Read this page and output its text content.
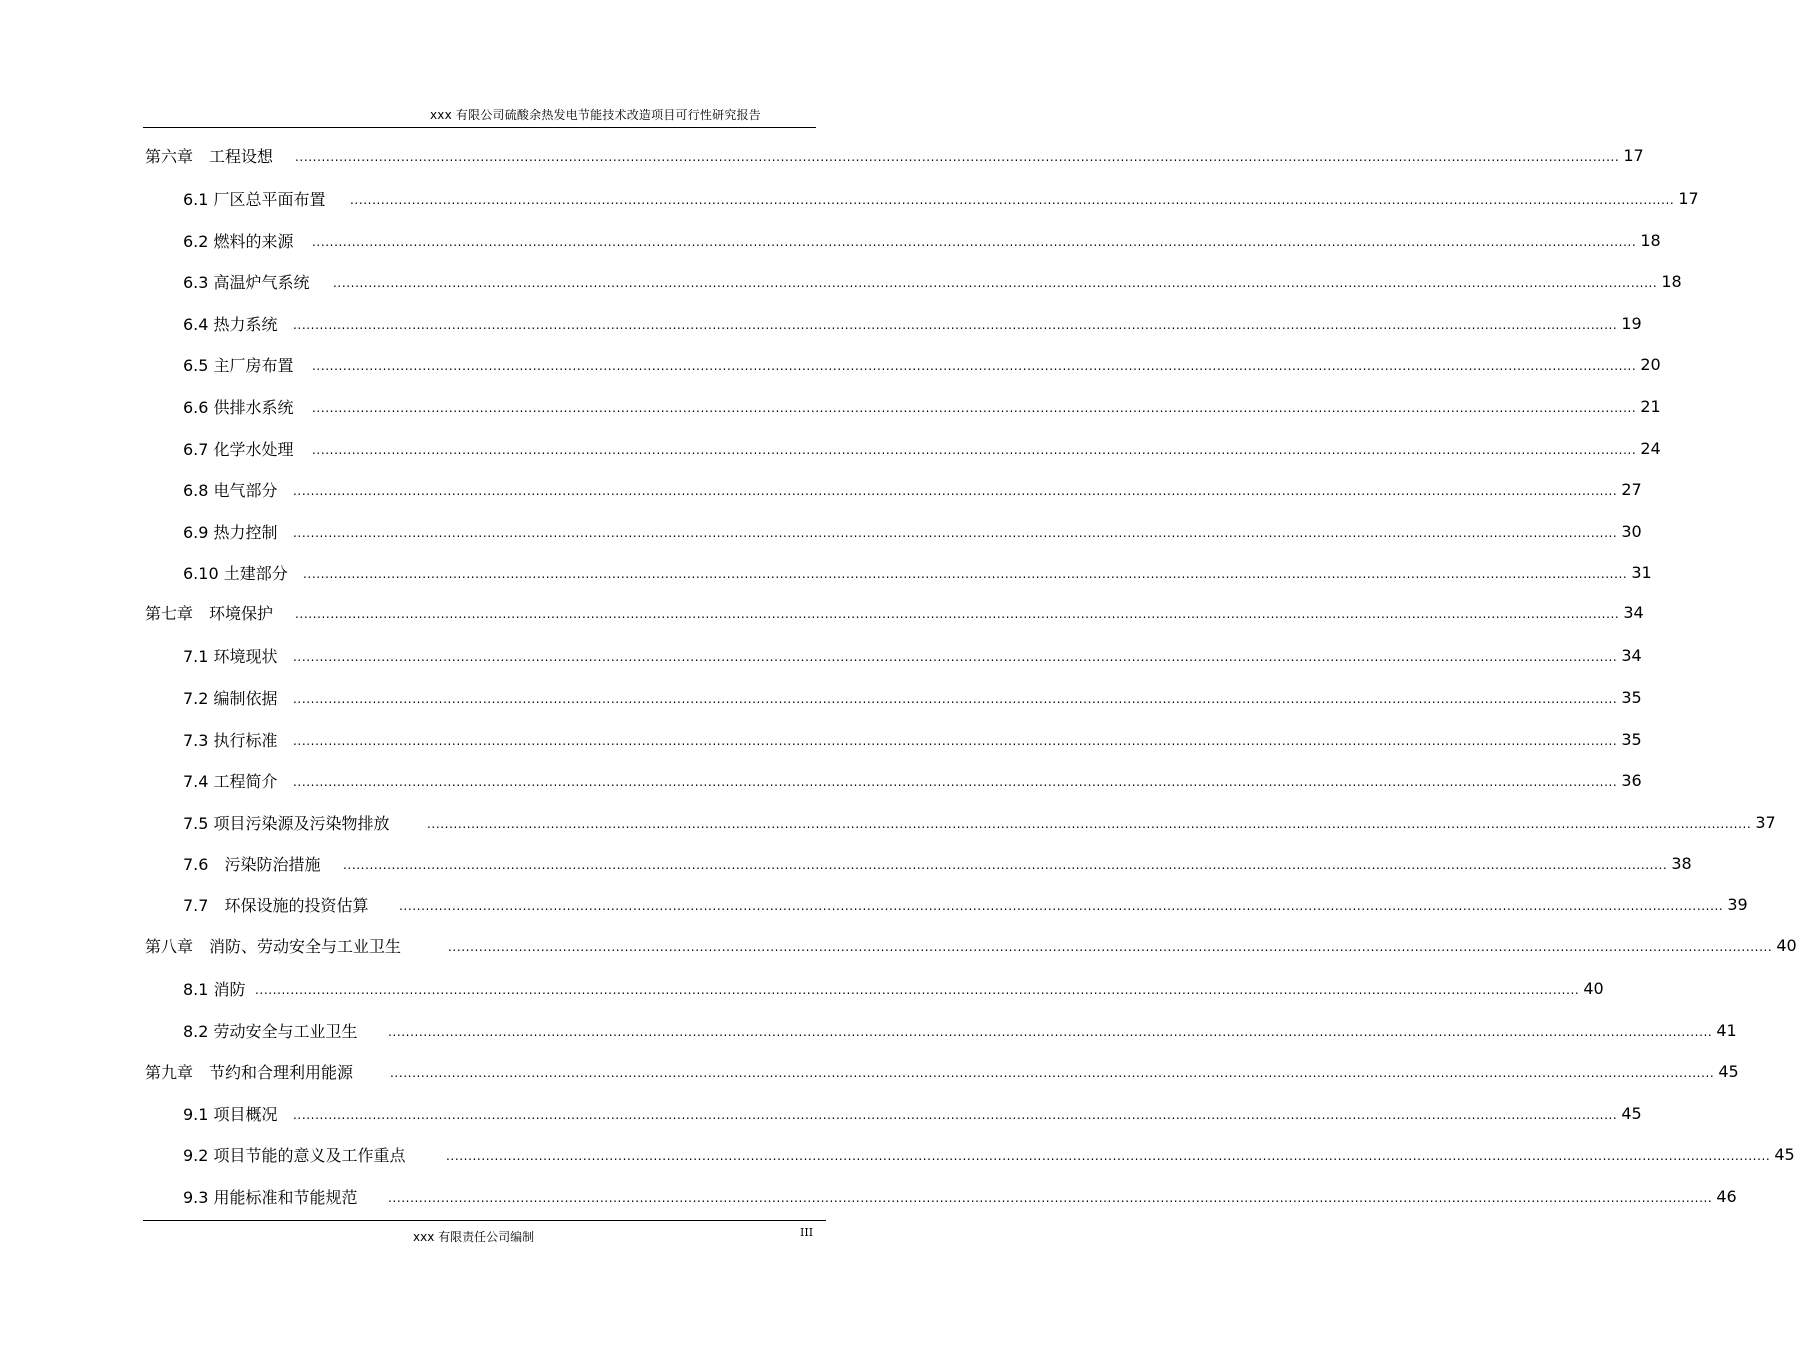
xxx 有限公司硫酸余热发电节能技术改造项目可行性研究报告
第六章　工程设想	............................................................................................................................................................................................................................................................................................................ 17
6.1 厂区总平面布置	............................................................................................................................................................................................................................................................................................................ 17
6.2 燃料的来源	............................................................................................................................................................................................................................................................................................................ 18
6.3 高温炉气系统	............................................................................................................................................................................................................................................................................................................ 18
6.4 热力系统	............................................................................................................................................................................................................................................................................................................ 19
6.5 主厂房布置	............................................................................................................................................................................................................................................................................................................ 20
6.6 供排水系统	............................................................................................................................................................................................................................................................................................................ 21
6.7 化学水处理	............................................................................................................................................................................................................................................................................................................ 24
6.8 电气部分	............................................................................................................................................................................................................................................................................................................ 27
6.9 热力控制	............................................................................................................................................................................................................................................................................................................ 30
6.10 土建部分	............................................................................................................................................................................................................................................................................................................ 31
第七章　环境保护	............................................................................................................................................................................................................................................................................................................ 34
7.1 环境现状	............................................................................................................................................................................................................................................................................................................ 34
7.2 编制依据	............................................................................................................................................................................................................................................................................................................ 35
7.3 执行标准	............................................................................................................................................................................................................................................................................................................ 35
7.4 工程简介	............................................................................................................................................................................................................................................................................................................ 36
7.5 项目污染源及污染物排放	............................................................................................................................................................................................................................................................................................................ 37
7.6　污染防治措施	............................................................................................................................................................................................................................................................................................................ 38
7.7　环保设施的投资估算	............................................................................................................................................................................................................................................................................................................ 39
第八章　消防、劳动安全与工业卫生	............................................................................................................................................................................................................................................................................................................ 40
8.1 消防 ............................................................................................................................................................................................................................................................................................................ 40
8.2 劳动安全与工业卫生	............................................................................................................................................................................................................................................................................................................ 41
第九章　节约和合理利用能源	............................................................................................................................................................................................................................................................................................................ 45
9.1 项目概况	............................................................................................................................................................................................................................................................................................................ 45
9.2 项目节能的意义及工作重点	............................................................................................................................................................................................................................................................................................................ 45
9.3 用能标准和节能规范	............................................................................................................................................................................................................................................................................................................ 46
xxx 有限责任公司编制	III
